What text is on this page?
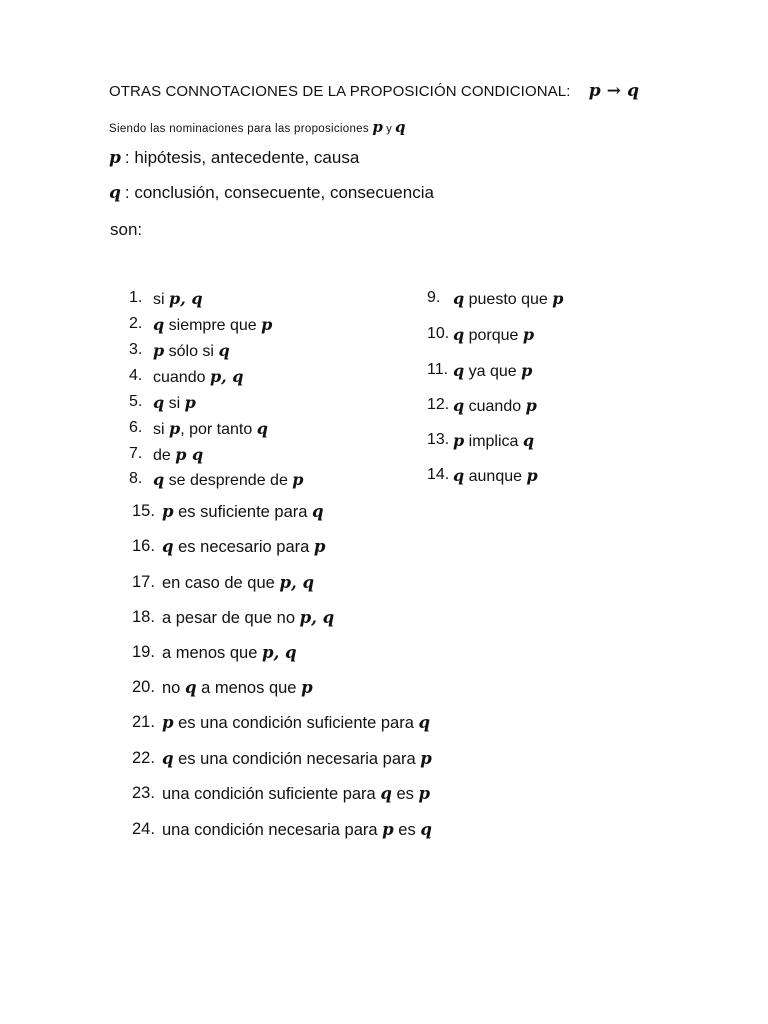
OTRAS CONNOTACIONES DE LA PROPOSICIÓN CONDICIONAL: 𝒑 → 𝒒
Siendo las nominaciones para las proposiciones 𝒑 y 𝒒
𝒑 : hipótesis, antecedente, causa
𝒒 : conclusión, consecuente, consecuencia
son:
1. si 𝒑, 𝒒
2. 𝒒 siempre que 𝒑
3. 𝒑 sólo si 𝒒
4. cuando 𝒑, 𝒒
5. 𝒒 si 𝒑
6. si 𝒑, por tanto 𝒒
7. de 𝒑 𝒒
8. 𝒒 se desprende de 𝒑
9. 𝒒 puesto que 𝒑
10. 𝒒 porque 𝒑
11. 𝒒 ya que 𝒑
12. 𝒒 cuando 𝒑
13. 𝒑 implica 𝒒
14. 𝒒 aunque 𝒑
15. 𝒑 es suficiente para 𝒒
16. 𝒒 es necesario para 𝒑
17. en caso de que 𝒑, 𝒒
18. a pesar de que no 𝒑, 𝒒
19. a menos que 𝒑, 𝒒
20. no 𝒒 a menos que 𝒑
21. 𝒑 es una condición suficiente para 𝒒
22. 𝒒 es una condición necesaria para 𝒑
23. una condición suficiente para 𝒒 es 𝒑
24. una condición necesaria para 𝒑 es 𝒒
